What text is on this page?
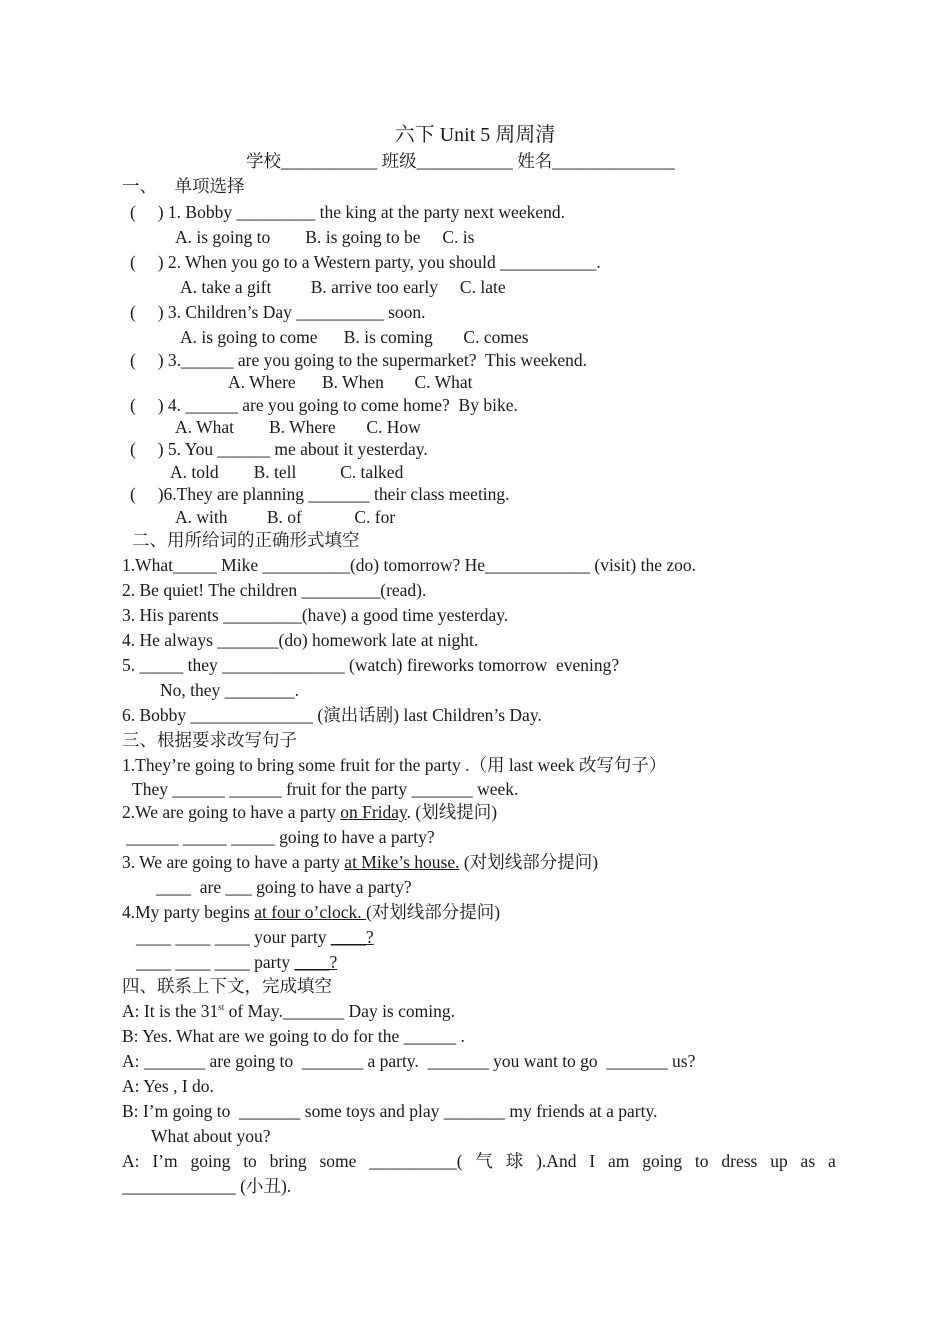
六下 Unit 5 周周清
学校___________ 班级___________ 姓名______________
一、    单项选择
(     ) 1. Bobby _________ the king at the party next weekend.
A. is going to        B. is going to be     C. is
(     ) 2. When you go to a Western party, you should ___________.
A. take a gift         B. arrive too early     C. late
(     ) 3. Children’s Day __________ soon.
A. is going to come      B. is coming       C. comes
(     ) 3.______ are you going to the supermarket?  This weekend.
A. Where      B. When       C. What
(     ) 4. ______ are you going to come home?  By bike.
A. What        B. Where       C. How
(     ) 5. You ______ me about it yesterday.
A. told        B. tell          C. talked
(     )6.They are planning _______ their class meeting.
A. with         B. of            C. for
二、用所给词的正确形式填空
1.What_____ Mike __________(do) tomorrow? He____________ (visit) the zoo.
2. Be quiet! The children _________(read).
3. His parents _________(have) a good time yesterday.
4. He always _______(do) homework late at night.
5. _____ they ______________ (watch) fireworks tomorrow  evening?
No, they ________.
6. Bobby ______________ (演出话剧) last Children’s Day.
三、根据要求改写句子
1.They’re going to bring some fruit for the party .（用 last week 改写句子）
They ______ ______ fruit for the party _______ week.
2.We are going to have a party on Friday. (划线提问)
______ _____ _____ going to have a party?
3. We are going to have a party at Mike’s house. (对划线部分提问)
____  are ___ going to have a party?
4.My party begins at four o’clock. (对划线部分提问)
____ ____ ____ your party ____?
____ ____ ____ party ____?
四、联系上下文，完成填空
A: It is the 31st of May._______ Day is coming.
B: Yes. What are we going to do for the ______ .
A: _______ are going to  _______ a party.  _______ you want to go  _______ us?
A: Yes , I do.
B: I’m going to  _______ some toys and play _______ my friends at a party.
What about you?
A: I’m going to bring some __________( 气 球 ).And I am going to dress up as a
_____________ (小丑).
